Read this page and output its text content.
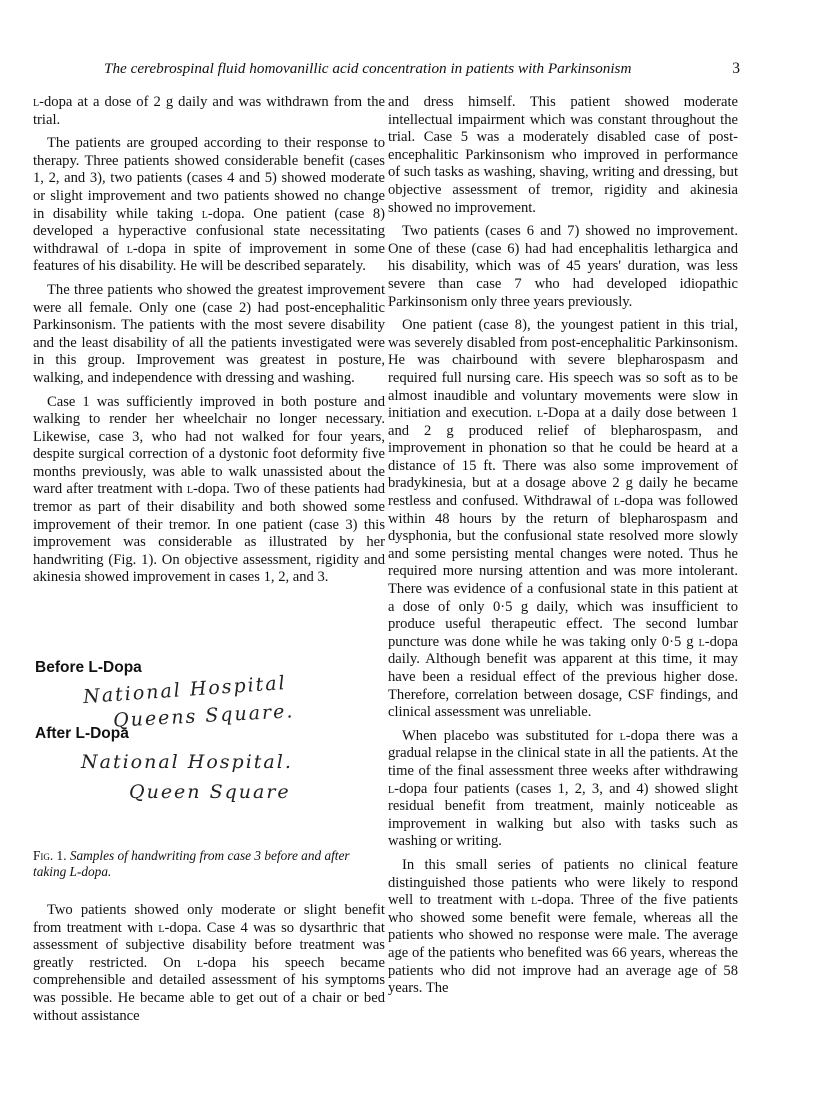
The cerebrospinal fluid homovanillic acid concentration in patients with Parkinsonism	3

l-dopa at a dose of 2 g daily and was withdrawn from the trial.

The patients are grouped according to their response to therapy. Three patients showed considerable benefit (cases 1, 2, and 3), two patients (cases 4 and 5) showed moderate or slight improvement and two patients showed no change in disability while taking l-dopa. One patient (case 8) developed a hyperactive confusional state necessitating withdrawal of l-dopa in spite of improvement in some features of his disability. He will be described separately.

The three patients who showed the greatest improvement were all female. Only one (case 2) had post-encephalitic Parkinsonism. The patients with the most severe disability and the least disability of all the patients investigated were in this group. Improvement was greatest in posture, walking, and independence with dressing and washing.

Case 1 was sufficiently improved in both posture and walking to render her wheelchair no longer necessary. Likewise, case 3, who had not walked for four years, despite surgical correction of a dystonic foot deformity five months previously, was able to walk unassisted about the ward after treatment with l-dopa. Two of these patients had tremor as part of their disability and both showed some improvement of their tremor. In one patient (case 3) this improvement was considerable as illustrated by her handwriting (Fig. 1). On objective assessment, rigidity and akinesia showed improvement in cases 1, 2, and 3.

Before L-Dopa
National Hospital
Queens Square.
After L-Dopa
National Hospital.
Queen Square
Fig. 1. Samples of handwriting from case 3 before and after taking L-dopa.

Two patients showed only moderate or slight benefit from treatment with l-dopa. Case 4 was so dysarthric that assessment of subjective disability before treatment was greatly restricted. On l-dopa his speech became comprehensible and detailed assessment of his symptoms was possible. He became able to get out of a chair or bed without assistance

and dress himself. This patient showed moderate intellectual impairment which was constant throughout the trial. Case 5 was a moderately disabled case of post-encephalitic Parkinsonism who improved in performance of such tasks as washing, shaving, writing and dressing, but objective assessment of tremor, rigidity and akinesia showed no improvement.

Two patients (cases 6 and 7) showed no improvement. One of these (case 6) had had encephalitis lethargica and his disability, which was of 45 years' duration, was less severe than case 7 who had developed idiopathic Parkinsonism only three years previously.

One patient (case 8), the youngest patient in this trial, was severely disabled from post-encephalitic Parkinsonism. He was chairbound with severe blepharospasm and required full nursing care. His speech was so soft as to be almost inaudible and voluntary movements were slow in initiation and execution. l-Dopa at a daily dose between 1 and 2 g produced relief of blepharospasm, and improvement in phonation so that he could be heard at a distance of 15 ft. There was also some improvement of bradykinesia, but at a dosage above 2 g daily he became restless and confused. Withdrawal of l-dopa was followed within 48 hours by the return of blepharospasm and dysphonia, but the confusional state resolved more slowly and some persisting mental changes were noted. Thus he required more nursing attention and was more intolerant. There was evidence of a confusional state in this patient at a dose of only 0·5 g daily, which was insufficient to produce useful therapeutic effect. The second lumbar puncture was done while he was taking only 0·5 g l-dopa daily. Although benefit was apparent at this time, it may have been a residual effect of the previous higher dose. Therefore, correlation between dosage, CSF findings, and clinical assessment was unreliable.

When placebo was substituted for l-dopa there was a gradual relapse in the clinical state in all the patients. At the time of the final assessment three weeks after withdrawing l-dopa four patients (cases 1, 2, 3, and 4) showed slight residual benefit from treatment, mainly noticeable as improvement in walking but also with tasks such as washing or writing.

In this small series of patients no clinical feature distinguished those patients who were likely to respond well to treatment with l-dopa. Three of the five patients who showed some benefit were female, whereas all the patients who showed no response were male. The average age of the patients who benefited was 66 years, whereas the patients who did not improve had an average age of 58 years. The
